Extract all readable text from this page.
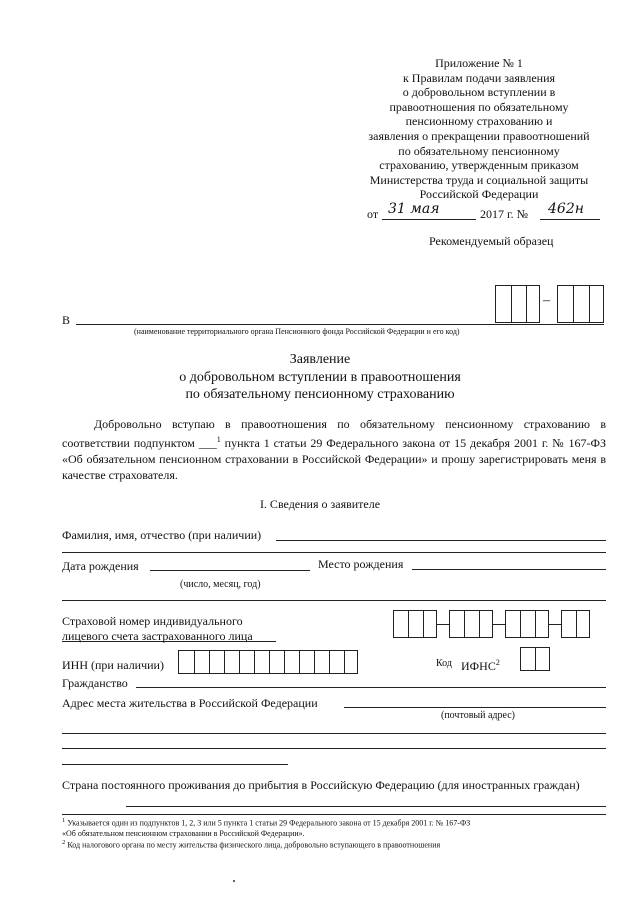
Приложение № 1
к Правилам подачи заявления
о добровольном вступлении в
правоотношения по обязательному
пенсионному страхованию и
заявления о прекращении правоотношений
по обязательному пенсионному
страхованию, утвержденным приказом
Министерства труда и социальной защиты
Российской Федерации
от 31 мая	2017 г. № 462н
Рекомендуемый образец
–
В
(наименование территориального органа Пенсионного фонда Российской Федерации и его код)
Заявление
о добровольном вступлении в правоотношения
по обязательному пенсионному страхованию
Добровольно вступаю в правоотношения по обязательному пенсионному страхованию в соответствии подпунктом ___$^1$ пункта 1 статьи 29 Федерального закона от 15 декабря 2001 г. № 167-ФЗ «Об обязательном пенсионном страховании в Российской Федерации» и прошу зарегистрировать меня в качестве страхователя.
I. Сведения о заявителе
Фамилия, имя, отчество (при наличии)
Дата рождения	Место рождения
(число, месяц, год)
Страховой номер индивидуального
лицевого счета застрахованного лица
ИНН (при наличии)	Код ИФНС$^2$
Гражданство
Адрес места жительства в Российской Федерации
(почтовый адрес)
Страна постоянного проживания до прибытия в Российскую Федерацию (для иностранных граждан)
$^1$ Указывается один из подпунктов 1, 2, 3 или 5 пункта 1 статьи 29 Федерального закона от 15 декабря 2001 г. № 167-ФЗ
«Об обязательном пенсионном страховании в Российской Федерации».
$^2$ Код налогового органа по месту жительства физического лица, добровольно вступающего в правоотношения
